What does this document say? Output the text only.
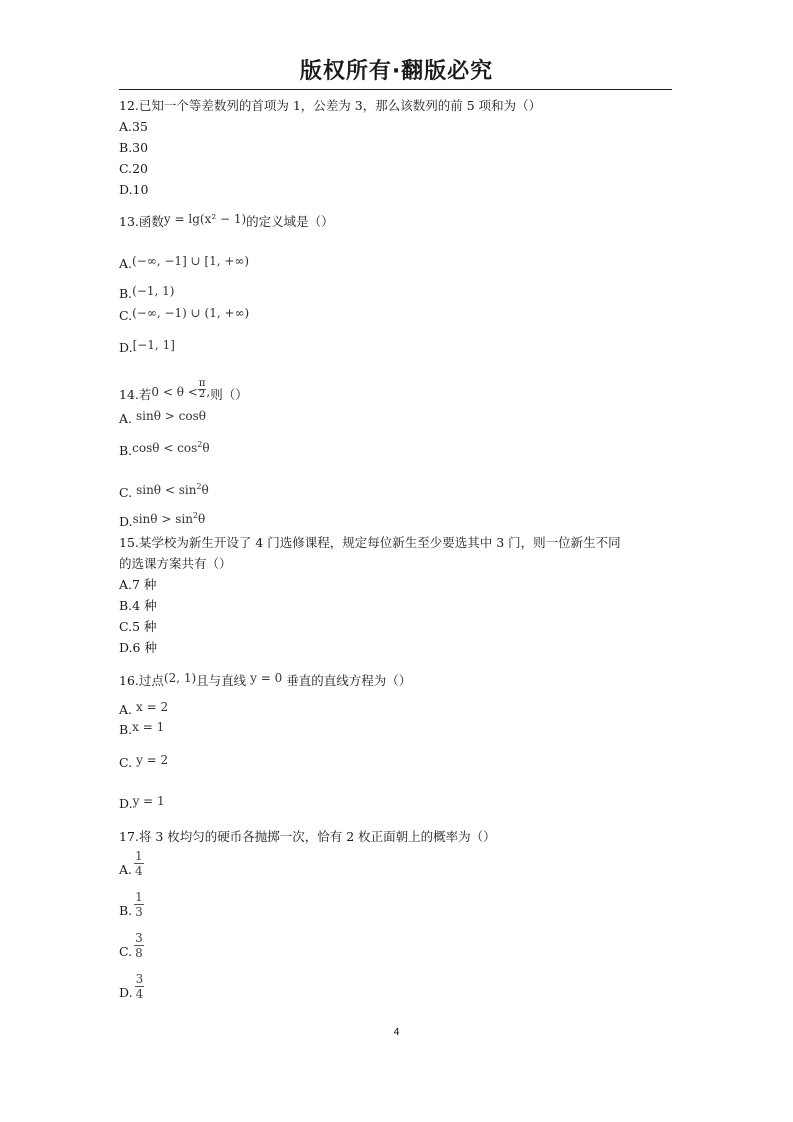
版权所有·翻版必究
12.已知一个等差数列的首项为 1，公差为 3，那么该数列的前 5 项和为（）
A.35
B.30
C.20
D.10
13.函数y = lg(x² − 1)的定义域是（）
A.(−∞, −1] ∪ [1, +∞)
B.(−1, 1)
C.(−∞, −1) ∪ (1, +∞)
D.[−1, 1]
14.若$0 < \theta < \frac{\pi}{2}$ ,则（）
A. sinθ > cosθ
$B.\cos\theta < \cos^2\theta$
C. $\sin\theta < \sin^2\theta$
$D.\sin\theta > \sin^2\theta$
15.某学校为新生开设了 4 门选修课程，规定每位新生至少要选其中 3 门，则一位新生不同
的选课方案共有（）
A.7 种
B.4 种
C.5 种
D.6 种
16.过点(2, 1)且与直线 y = 0 垂直的直线方程为（）
A. x = 2
B.x = 1
C. y = 2
D.y = 1
17.将 3 枚均匀的硬币各抛掷一次，恰有 2 枚正面朝上的概率为（）
A. $\frac{1}{4}$
B. $\frac{1}{3}$
C. $\frac{3}{8}$
D. $\frac{3}{4}$
4
